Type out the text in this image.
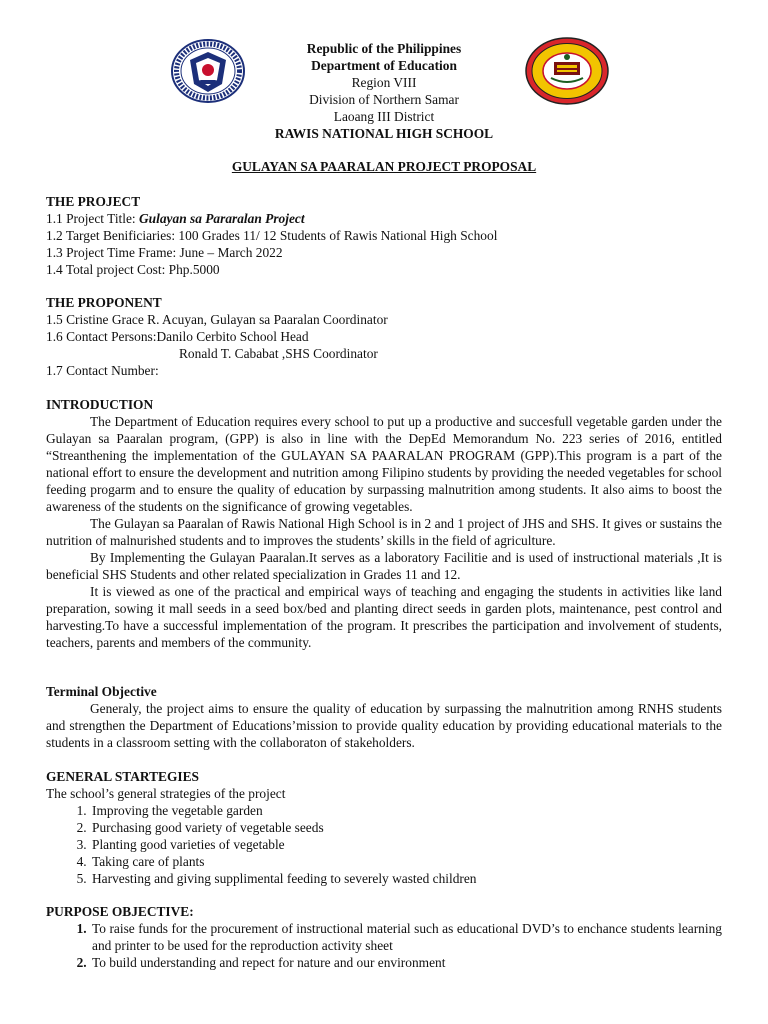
Republic of the Philippines
Department of Education
Region VIII
Division of Northern Samar
Laoang III District
RAWIS NATIONAL HIGH SCHOOL
GULAYAN SA PAARALAN PROJECT PROPOSAL
THE PROJECT
1.1 Project Title: Gulayan sa Pararalan Project
1.2 Target Benificiaries: 100 Grades 11/ 12 Students of Rawis National High School
1.3 Project Time Frame: June – March 2022
1.4 Total project Cost: Php.5000
THE PROPONENT
1.5 Cristine Grace R. Acuyan, Gulayan sa Paaralan Coordinator
1.6 Contact Persons:Danilo Cerbito School Head
Ronald T. Cababat ,SHS Coordinator
1.7 Contact Number:
INTRODUCTION

The Department of Education requires every school to put up a productive and succesfull vegetable garden under the Gulayan sa Paaralan program, (GPP) is also in line with the DepEd Memorandum No. 223 series of 2016, entitled “Streanthening the implementation of the GULAYAN SA PAARALAN PROGRAM (GPP).This program is a part of the national effort to ensure the development and nutrition among Filipino students by providing the needed vegetables for school feeding progarm and to ensure the quality of education by surpassing malnutrition among students. It also aims to boost the awareness of the students on the significance of growing vegetables.

The Gulayan sa Paaralan of Rawis National High School is in 2 and 1 project of JHS and SHS. It gives or sustains the nutrition of malnurished students and to improves the students’ skills in the field of agriculture.

By Implementing the Gulayan Paaralan.It serves as a laboratory Facilitie and is used of instructional materials ,It is beneficial SHS Students and other related specialization in Grades 11 and 12.

It is viewed as one of the practical and empirical ways of teaching and engaging the students in activities like land preparation, sowing it mall seeds in a seed box/bed and planting direct seeds in garden plots, maintenance, pest control and harvesting.To have a successful implementation of the program. It prescribes the participation and involvement of students, teachers, parents and members of the community.

Terminal Objective

Generaly, the project aims to ensure the quality of education by surpassing the malnutrition among RNHS students and strengthen the Department of Educations’mission to provide quality education by providing educational materials to the students in a classroom setting with the collaboraton of stakeholders.

GENERAL STARTEGIES
The school’s general strategies of the project
1. Improving the vegetable garden
2. Purchasing good variety of vegetable seeds
3. Planting good varieties of vegetable
4. Taking care of plants
5. Harvesting and giving supplimental feeding to severely wasted children
PURPOSE OBJECTIVE:
1. To raise funds for the procurement of instructional material such as educational DVD’s to enchance students learning and printer to be used for the reproduction activity sheet
2. To build understanding and repect for nature and our environment
